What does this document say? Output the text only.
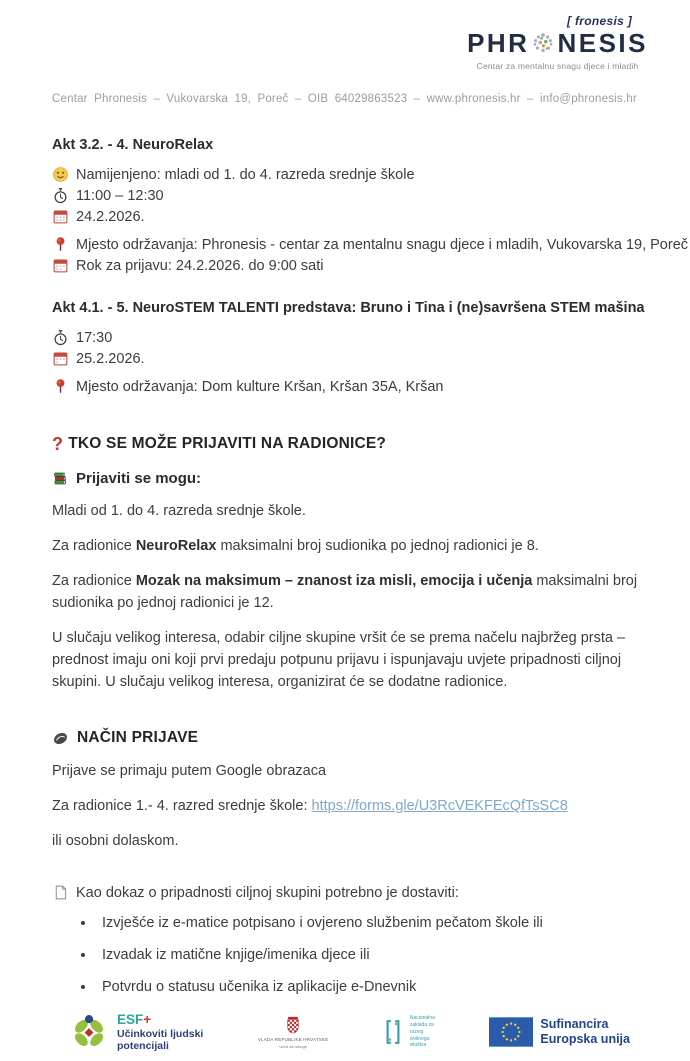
[ fronesis ]
PHR NESIS
Centar za mentalnu snagu djece i mladih
Centar Phronesis – Vukovarska 19, Poreč – OIB 64029863523 – www.phronesis.hr – info@phronesis.hr
Akt 3.2. - 4. NeuroRelax
Namijenjeno: mladi od 1. do 4. razreda srednje škole
11:00 – 12:30
24.2.2026.
Mjesto održavanja: Phronesis - centar za mentalnu snagu djece i mladih, Vukovarska 19, Poreč
Rok za prijavu: 24.2.2026. do 9:00 sati
Akt 4.1. - 5. NeuroSTEM TALENTI predstava: Bruno i Tina i (ne)savršena STEM mašina
17:30
25.2.2026.
Mjesto održavanja: Dom kulture Kršan, Kršan 35A, Kršan
? TKO SE MOŽE PRIJAVITI NA RADIONICE?
Prijaviti se mogu:

Mladi od 1. do 4. razreda srednje škole.

Za radionice NeuroRelax maksimalni broj sudionika po jednoj radionici je 8.

Za radionice Mozak na maksimum – znanost iza misli, emocija i učenja maksimalni broj sudionika po jednoj radionici je 12.

U slučaju velikog interesa, odabir ciljne skupine vršit će se prema načelu najbržeg prsta – prednost imaju oni koji prvi predaju potpunu prijavu i ispunjavaju uvjete pripadnosti ciljnoj skupini. U slučaju velikog interesa, organizirat će se dodatne radionice.

NAČIN PRIJAVE

Prijave se primaju putem Google obrazaca

Za radionice 1.- 4. razred srednje škole: https://forms.gle/U3RcVEKFEcQfTsSC8

ili osobni dolaskom.

Kao dokaz o pripadnosti ciljnoj skupini potrebno je dostaviti:
• Izvješće iz e-matice potpisano i ovjereno službenim pečatom škole ili
• Izvadak iz matične knjige/imenika djece ili
• Potvrdu o statusu učenika iz aplikacije e-Dnevnik
ESF+
Učinkoviti ljudski
potencijali
VLADA REPUBLIKE HRVATSKE
Ured za udruge
Nacionalna
zaklada za
razvoj
civilnoga
društva
Sufinancira
Europska unija
